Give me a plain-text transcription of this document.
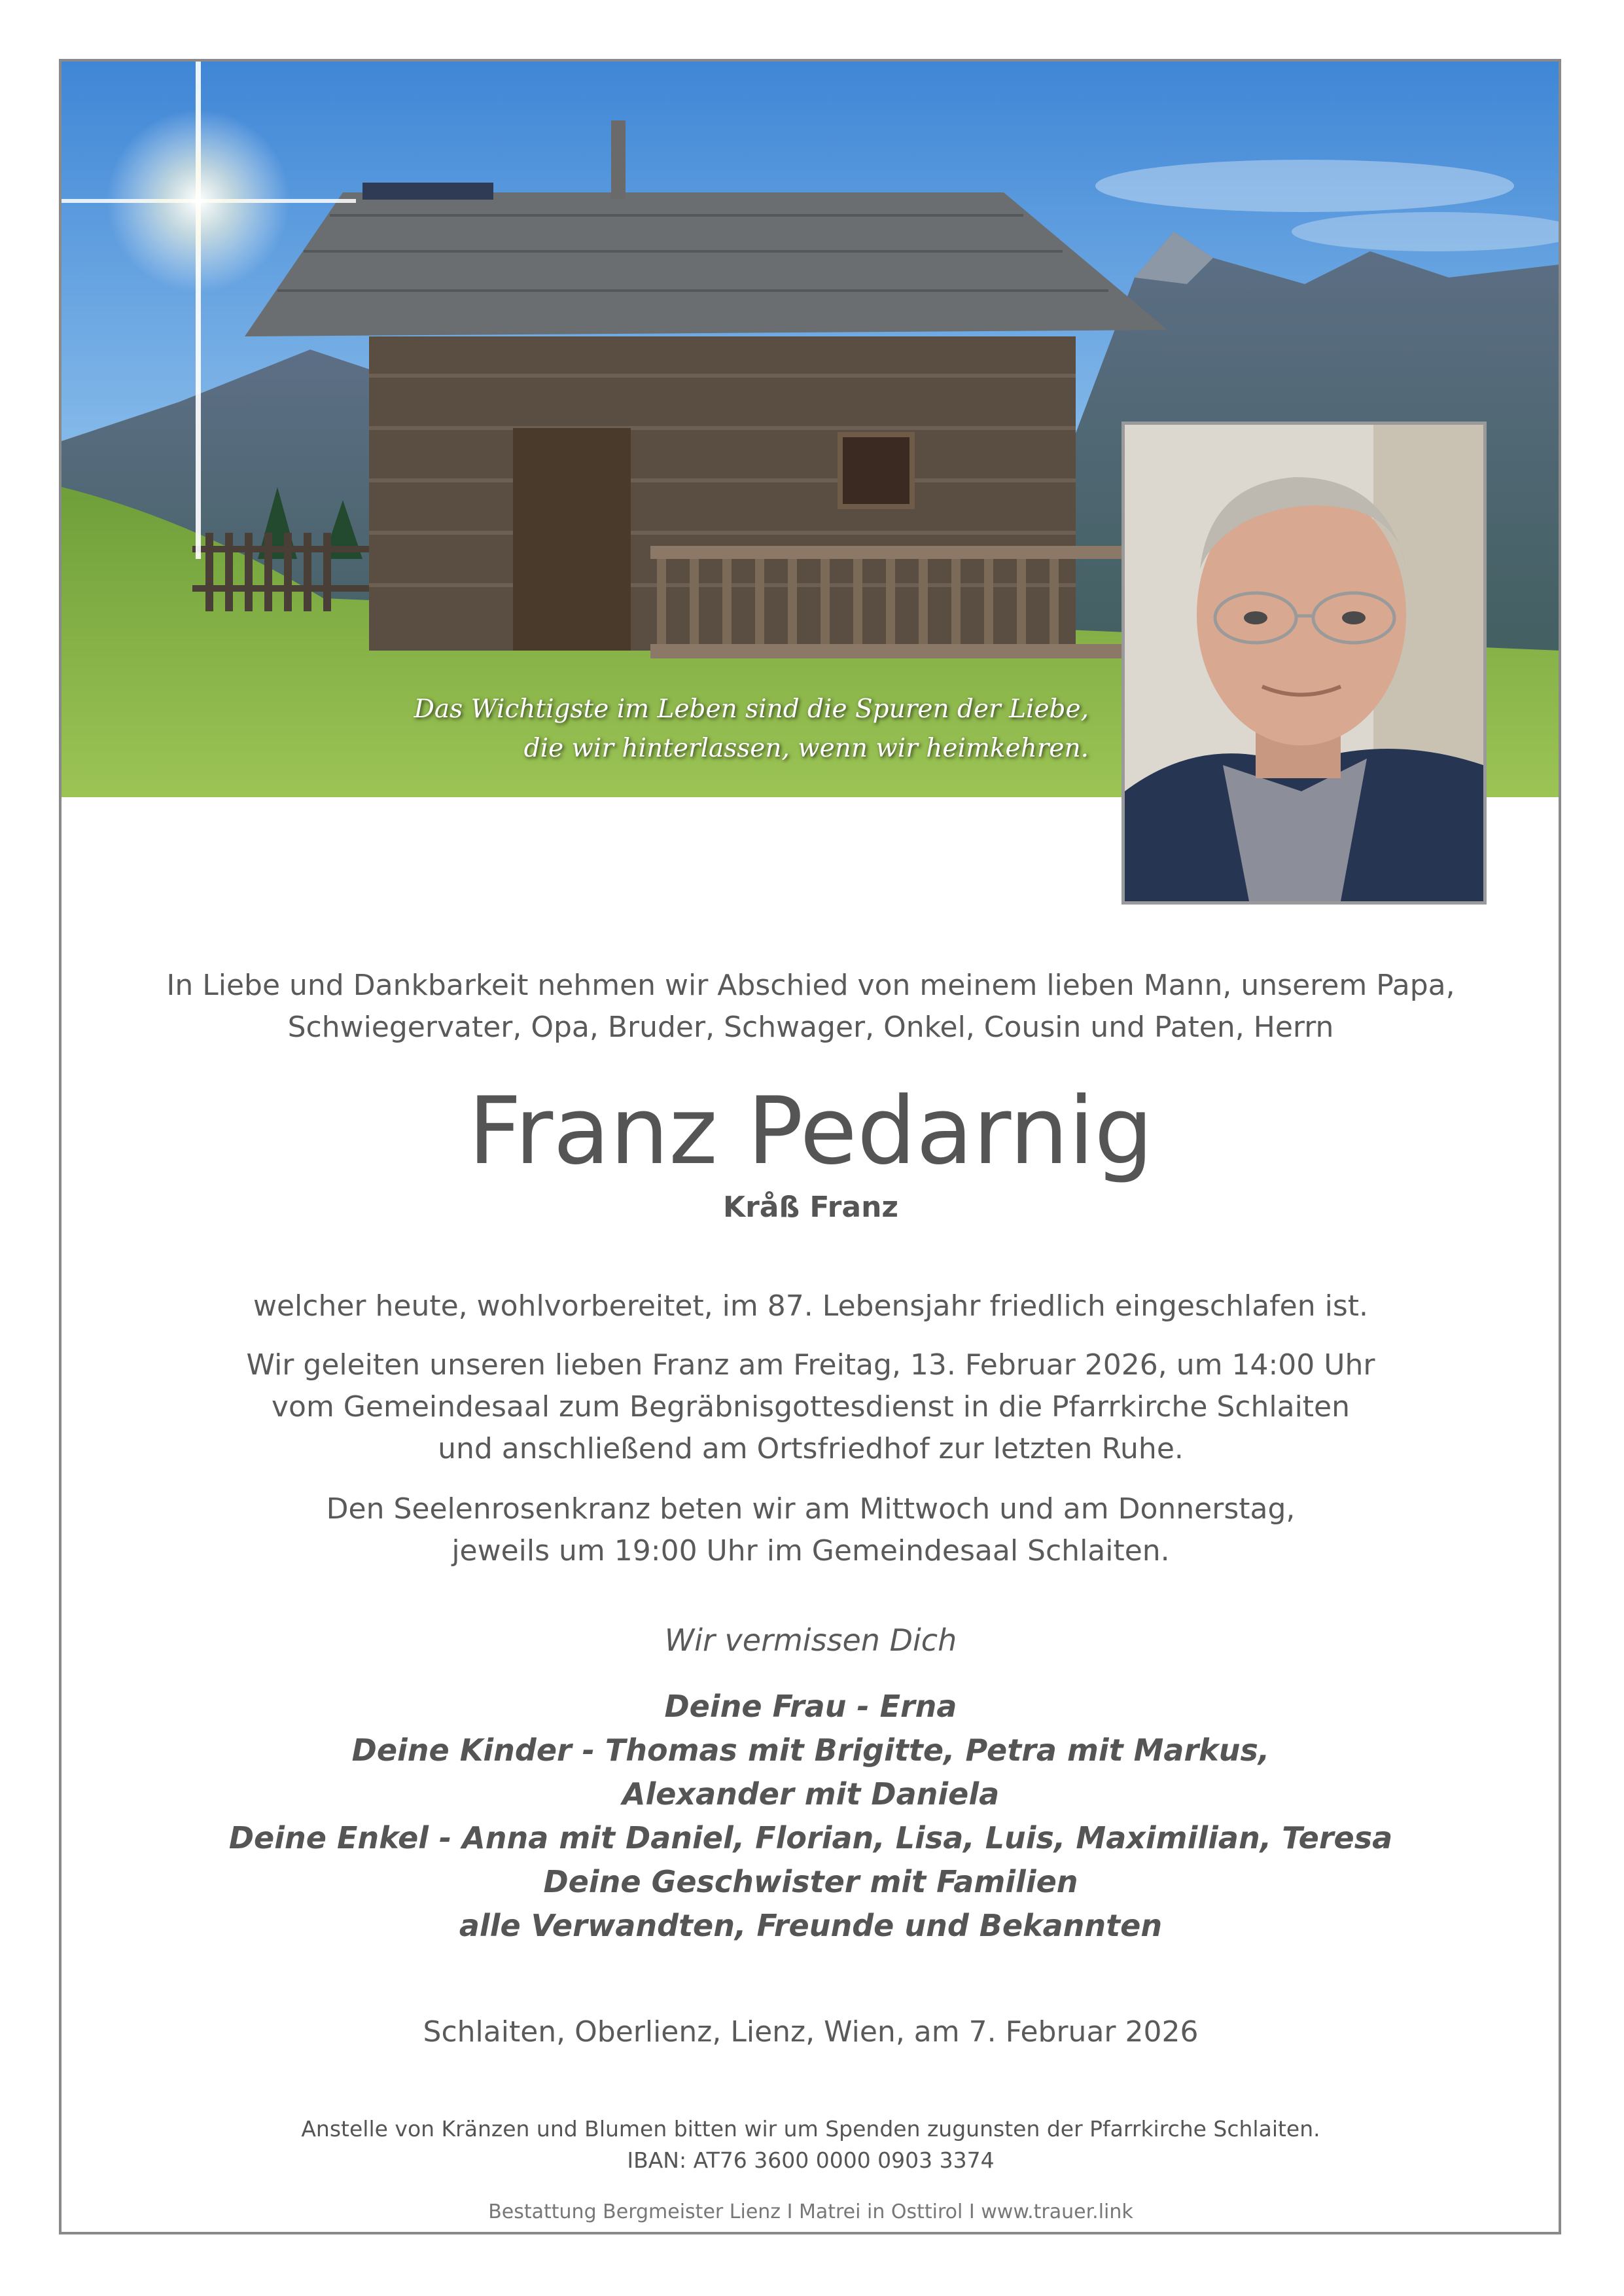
Das Wichtigste im Leben sind die Spuren der Liebe,
die wir hinterlassen, wenn wir heimkehren.

In Liebe und Dankbarkeit nehmen wir Abschied von meinem lieben Mann, unserem Papa,

Schwiegervater, Opa, Bruder, Schwager, Onkel, Cousin und Paten, Herrn

Franz Pedarnig
Kråß Franz
welcher heute, wohlvorbereitet, im 87. Lebensjahr friedlich eingeschlafen ist.

Wir geleiten unseren lieben Franz am Freitag, 13. Februar 2026, um 14:00 Uhr

vom Gemeindesaal zum Begräbnisgottesdienst in die Pfarrkirche Schlaiten

und anschließend am Ortsfriedhof zur letzten Ruhe.

Den Seelenrosenkranz beten wir am Mittwoch und am Donnerstag,

jeweils um 19:00 Uhr im Gemeindesaal Schlaiten.

Wir vermissen Dich
Deine Frau - Erna
Deine Kinder - Thomas mit Brigitte, Petra mit Markus,
Alexander mit Daniela
Deine Enkel - Anna mit Daniel, Florian, Lisa, Luis, Maximilian, Teresa
Deine Geschwister mit Familien
alle Verwandten, Freunde und Bekannten
Schlaiten, Oberlienz, Lienz, Wien, am 7. Februar 2026

Anstelle von Kränzen und Blumen bitten wir um Spenden zugunsten der Pfarrkirche Schlaiten.

IBAN: AT76 3600 0000 0903 3374

Bestattung Bergmeister Lienz I Matrei in Osttirol I www.trauer.link
